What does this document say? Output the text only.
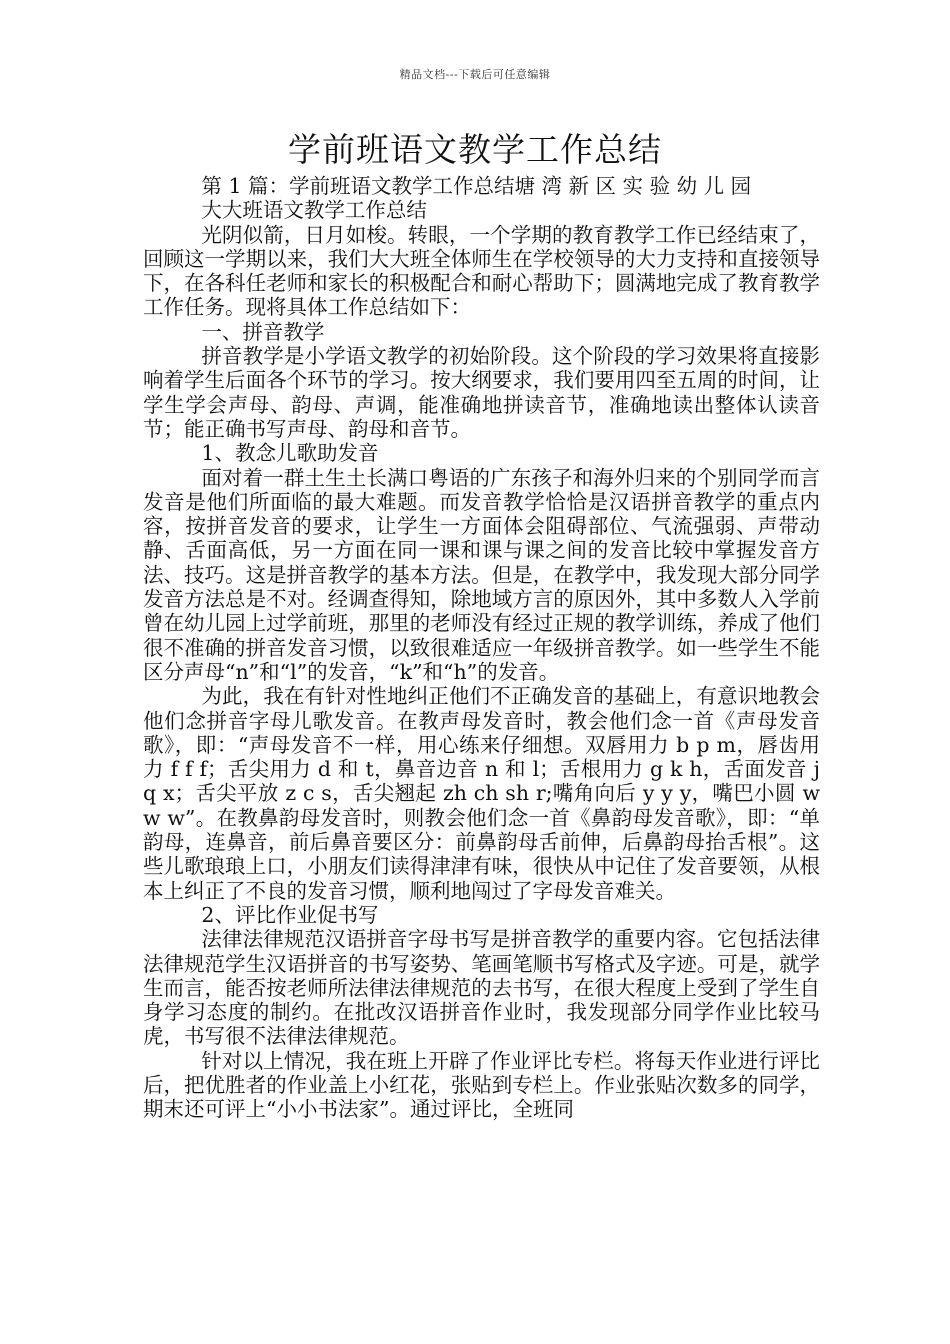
精品文档---下载后可任意编辑
学前班语文教学工作总结

第 1 篇：学前班语文教学工作总结塘 湾 新 区 实 验 幼 儿 园

大大班语文教学工作总结

光阴似箭，日月如梭。转眼，一个学期的教育教学工作已经结束了，回顾这一学期以来，我们大大班全体师生在学校领导的大力支持和直接领导下，在各科任老师和家长的积极配合和耐心帮助下；圆满地完成了教育教学工作任务。现将具体工作总结如下：

一、拼音教学

拼音教学是小学语文教学的初始阶段。这个阶段的学习效果将直接影响着学生后面各个环节的学习。按大纲要求，我们要用四至五周的时间，让学生学会声母、韵母、声调，能准确地拼读音节，准确地读出整体认读音节；能正确书写声母、韵母和音节。

1、教念儿歌助发音

面对着一群土生土长满口粤语的广东孩子和海外归来的个别同学而言发音是他们所面临的最大难题。而发音教学恰恰是汉语拼音教学的重点内容，按拼音发音的要求，让学生一方面体会阻碍部位、气流强弱、声带动静、舌面高低，另一方面在同一课和课与课之间的发音比较中掌握发音方法、技巧。这是拼音教学的基本方法。但是，在教学中，我发现大部分同学发音方法总是不对。经调查得知，除地域方言的原因外，其中多数人入学前曾在幼儿园上过学前班，那里的老师没有经过正规的教学训练，养成了他们很不准确的拼音发音习惯，以致很难适应一年级拼音教学。如一些学生不能区分声母“n”和“l”的发音，“k”和“h”的发音。

为此，我在有针对性地纠正他们不正确发音的基础上，有意识地教会他们念拼音字母儿歌发音。在教声母发音时，教会他们念一首《声母发音歌》，即：“声母发音不一样，用心练来仔细想。双唇用力 b p m，唇齿用力 f f f；舌尖用力 d 和 t，鼻音边音 n 和 l；舌根用力 g k h，舌面发音 j q x；舌尖平放 z c s，舌尖翘起 zh ch sh r;嘴角向后 y y y，嘴巴小圆 w w w”。在教鼻韵母发音时，则教会他们念一首《鼻韵母发音歌》，即：“单韵母，连鼻音，前后鼻音要区分：前鼻韵母舌前伸，后鼻韵母抬舌根”。这些儿歌琅琅上口，小朋友们读得津津有味，很快从中记住了发音要领，从根本上纠正了不良的发音习惯，顺利地闯过了字母发音难关。

2、评比作业促书写

法律法律规范汉语拼音字母书写是拼音教学的重要内容。它包括法律法律规范学生汉语拼音的书写姿势、笔画笔顺书写格式及字迹。可是，就学生而言，能否按老师所法律法律规范的去书写，在很大程度上受到了学生自身学习态度的制约。在批改汉语拼音作业时，我发现部分同学作业比较马虎，书写很不法律法律规范。

针对以上情况，我在班上开辟了作业评比专栏。将每天作业进行评比后，把优胜者的作业盖上小红花，张贴到专栏上。作业张贴次数多的同学，期末还可评上“小小书法家”。通过评比，全班同
